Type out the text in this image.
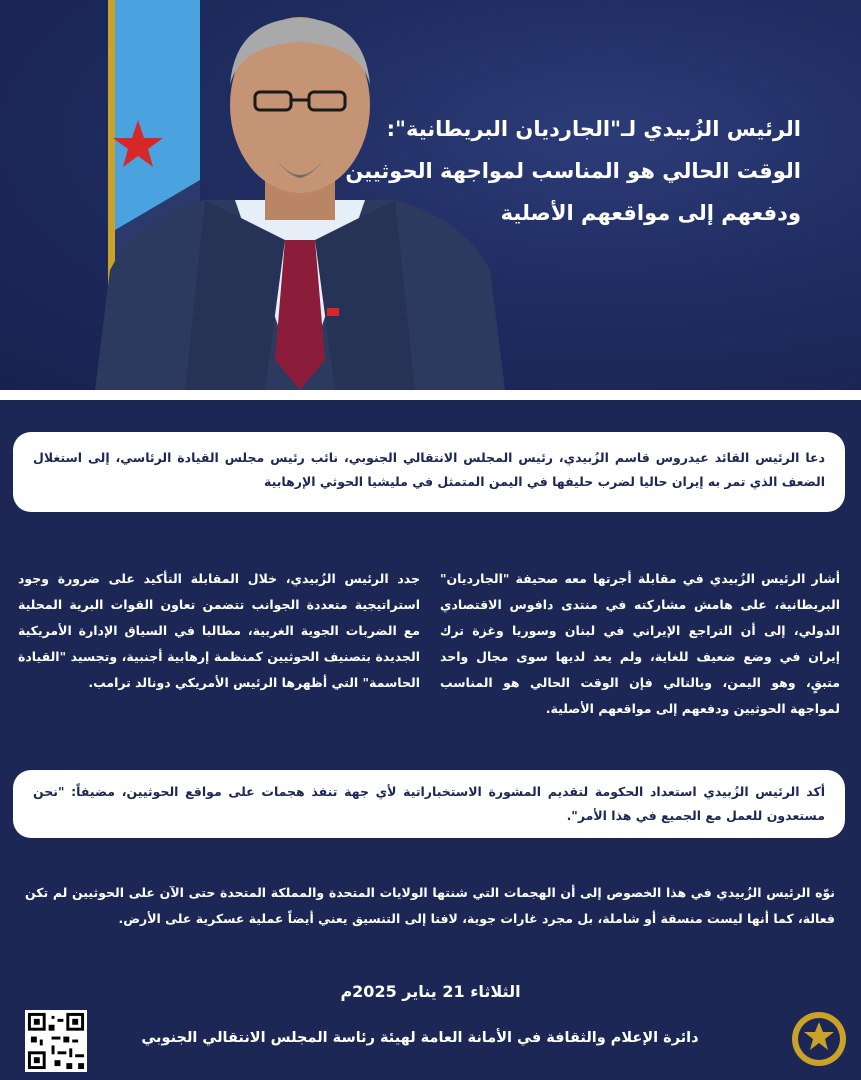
الرئيس الزُبيدي لـ"الجارديان البريطانية":
الوقت الحالي هو المناسب لمواجهة الحوثيين
ودفعهم إلى مواقعهم الأصلية
دعا الرئيس القائد عيدروس قاسم الزُبيدي، رئيس المجلس الانتقالي الجنوبي، نائب رئيس مجلس القيادة الرئاسي، إلى استغلال الضعف الذي تمر به إيران حاليا لضرب حليفها في اليمن المتمثل في مليشيا الحوثي الإرهابية
أشار الرئيس الزُبيدي في مقابلة أجرتها معه صحيفة "الجارديان" البريطانية، على هامش مشاركته في منتدى دافوس الاقتصادي الدولي، إلى أن التراجع الإيراني في لبنان وسوريا وغزة ترك إيران في وضع ضعيف للغاية، ولم يعد لديها سوى مجال واحد متبقٍ، وهو اليمن، وبالتالي فإن الوقت الحالي هو المناسب لمواجهة الحوثيين ودفعهم إلى مواقعهم الأصلية.
جدد الرئيس الزُبيدي، خلال المقابلة التأكيد على ضرورة وجود استراتيجية متعددة الجوانب تتضمن تعاون القوات البرية المحلية مع الضربات الجوية الغربية، مطالبا في السياق الإدارة الأمريكية الجديدة بتصنيف الحوثيين كمنظمة إرهابية أجنبية، وتجسيد "القيادة الحاسمة" التي أظهرها الرئيس الأمريكي دونالد ترامب.
أكد الرئيس الزُبيدي استعداد الحكومة لتقديم المشورة الاستخباراتية لأي جهة تنفذ هجمات على مواقع الحوثيين، مضيفاً: "نحن مستعدون للعمل مع الجميع في هذا الأمر".
نوّه الرئيس الزُبيدي في هذا الخصوص إلى أن الهجمات التي شنتها الولايات المتحدة والمملكة المتحدة حتى الآن على الحوثيين لم تكن فعالة، كما أنها ليست منسقة أو شاملة، بل مجرد غارات جوية، لافتا إلى التنسيق يعني أيضاً عملية عسكرية على الأرض.
الثلاثاء 21 يناير 2025م
دائرة الإعلام والثقافة في الأمانة العامة لهيئة رئاسة المجلس الانتقالي الجنوبي
